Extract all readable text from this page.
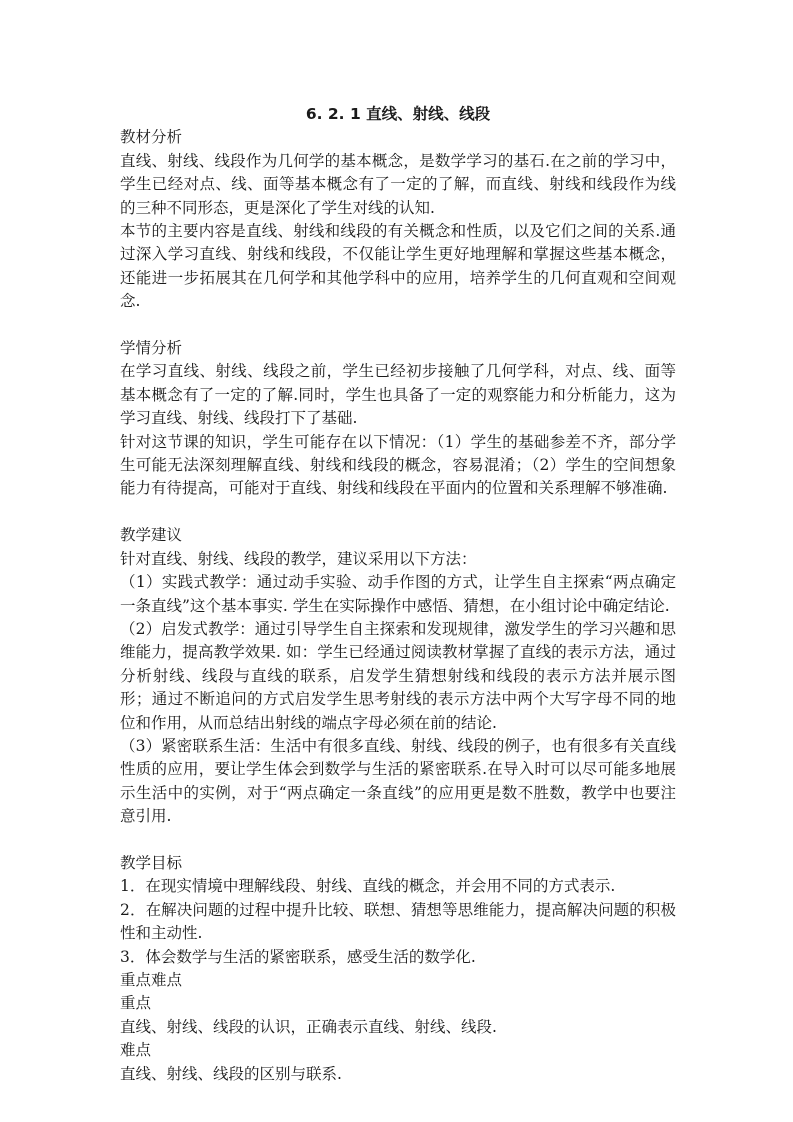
6. 2. 1 直线、射线、线段

教材分析

直线、射线、线段作为几何学的基本概念，是数学学习的基石.在之前的学习中，学生已经对点、线、面等基本概念有了一定的了解，而直线、射线和线段作为线的三种不同形态，更是深化了学生对线的认知.

本节的主要内容是直线、射线和线段的有关概念和性质，以及它们之间的关系.通过深入学习直线、射线和线段，不仅能让学生更好地理解和掌握这些基本概念，还能进一步拓展其在几何学和其他学科中的应用，培养学生的几何直观和空间观念.

学情分析

在学习直线、射线、线段之前，学生已经初步接触了几何学科，对点、线、面等基本概念有了一定的了解.同时，学生也具备了一定的观察能力和分析能力，这为学习直线、射线、线段打下了基础.

针对这节课的知识，学生可能存在以下情况：（1）学生的基础参差不齐，部分学生可能无法深刻理解直线、射线和线段的概念，容易混淆；（2）学生的空间想象能力有待提高，可能对于直线、射线和线段在平面内的位置和关系理解不够准确.

教学建议

针对直线、射线、线段的教学，建议采用以下方法：

（1）实践式教学：通过动手实验、动手作图的方式，让学生自主探索“两点确定一条直线”这个基本事实. 学生在实际操作中感悟、猜想，在小组讨论中确定结论.

（2）启发式教学：通过引导学生自主探索和发现规律，激发学生的学习兴趣和思维能力，提高教学效果. 如：学生已经通过阅读教材掌握了直线的表示方法，通过分析射线、线段与直线的联系，启发学生猜想射线和线段的表示方法并展示图形；通过不断追问的方式启发学生思考射线的表示方法中两个大写字母不同的地位和作用，从而总结出射线的端点字母必须在前的结论.

（3）紧密联系生活：生活中有很多直线、射线、线段的例子，也有很多有关直线性质的应用，要让学生体会到数学与生活的紧密联系.在导入时可以尽可能多地展示生活中的实例，对于“两点确定一条直线”的应用更是数不胜数，教学中也要注意引用.

教学目标

1．在现实情境中理解线段、射线、直线的概念，并会用不同的方式表示.

2．在解决问题的过程中提升比较、联想、猜想等思维能力，提高解决问题的积极性和主动性.

3．体会数学与生活的紧密联系，感受生活的数学化.

重点难点

重点

直线、射线、线段的认识，正确表示直线、射线、线段.

难点

直线、射线、线段的区别与联系.
